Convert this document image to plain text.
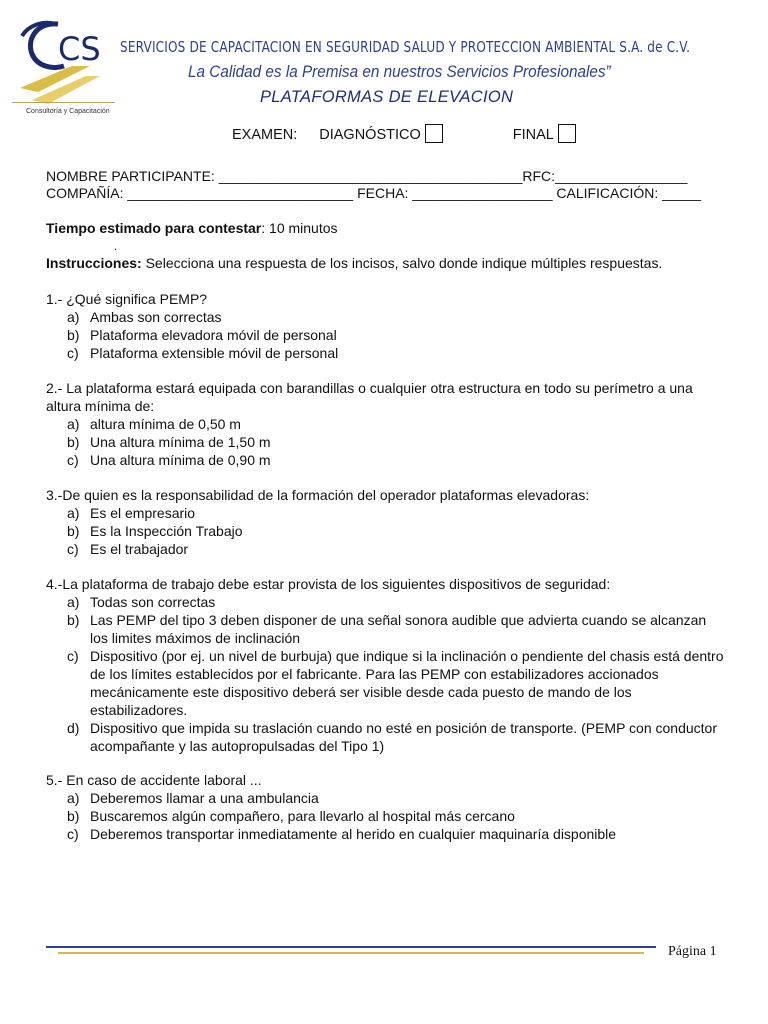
CS
Consultoría y Capacitación
SERVICIOS DE CAPACITACION EN SEGURIDAD SALUD Y PROTECCION AMBIENTAL S.A. de C.V.
La Calidad es la Premisa en nuestros Servicios Profesionales”
PLATAFORMAS DE ELEVACION
EXAMEN: DIAGNÓSTICO	FINAL
NOMBRE PARTICIPANTE: _______________________________________RFC:_________________
COMPAÑÍA: _____________________________ FECHA: __________________ CALIFICACIÓN: _____
Tiempo estimado para contestar: 10 minutos
.
Instrucciones: Selecciona una respuesta de los incisos, salvo donde indique múltiples respuestas.
1.- ¿Qué significa PEMP?
a) Ambas son correctas
b) Plataforma elevadora móvil de personal
c) Plataforma extensible móvil de personal
2.- La plataforma estará equipada con barandillas o cualquier otra estructura en todo su perímetro a una altura mínima de:
a) altura mínima de 0,50 m
b) Una altura mínima de 1,50 m
c) Una altura mínima de 0,90 m
3.-De quien es la responsabilidad de la formación del operador plataformas elevadoras:
a) Es el empresario
b) Es la Inspección Trabajo
c) Es el trabajador
4.-La plataforma de trabajo debe estar provista de los siguientes dispositivos de seguridad:
a) Todas son correctas
b) Las PEMP del tipo 3 deben disponer de una señal sonora audible que advierta cuando se alcanzan los limites máximos de inclinación
c) Dispositivo (por ej. un nivel de burbuja) que indique si la inclinación o pendiente del chasis está dentro de los límites establecidos por el fabricante. Para las PEMP con estabilizadores accionados mecánicamente este dispositivo deberá ser visible desde cada puesto de mando de los estabilizadores.
d) Dispositivo que impida su traslación cuando no esté en posición de transporte. (PEMP con conductor acompañante y las autopropulsadas del Tipo 1)
5.- En caso de accidente laboral ...
a) Deberemos llamar a una ambulancia
b) Buscaremos algún compañero, para llevarlo al hospital más cercano
c) Deberemos transportar inmediatamente al herido en cualquier maquinaría disponible
Página 1
